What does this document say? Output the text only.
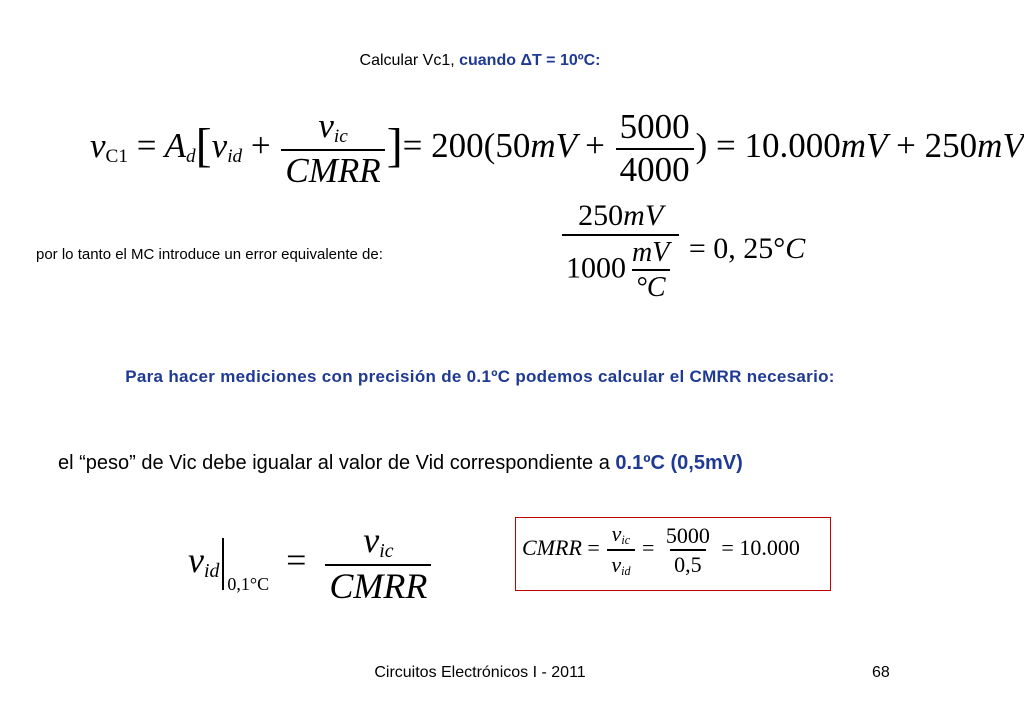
Calcular Vc1, cuando ΔT = 10ºC:
$v_{C1} = A_d[v_{id} + \frac{v_{ic}}{\text{CMRR}}$ ]= $200(50mV + \frac{5000}{4000}$ ) = 10.000mV + 250mV
por lo tanto el MC introduce un error equivalente de:	$\frac{250mV}{1000 \frac{mV}{^\circ C}} = 0$, 25°C
Para hacer mediciones con precisión de 0.1ºC podemos calcular el CMRR necesario:
el “peso” de Vic debe igualar al valor de Vid correspondiente a 0.1ºC (0,5mV)
$v_{id0,1^\circ C} = \frac{v_{ic}}{\text{CMRR}}$	CMRR = $\frac{v_{ic}}{v_{id}} = \frac{5000}{0,5} = 10.000$
Circuitos Electrónicos I - 2011	68
